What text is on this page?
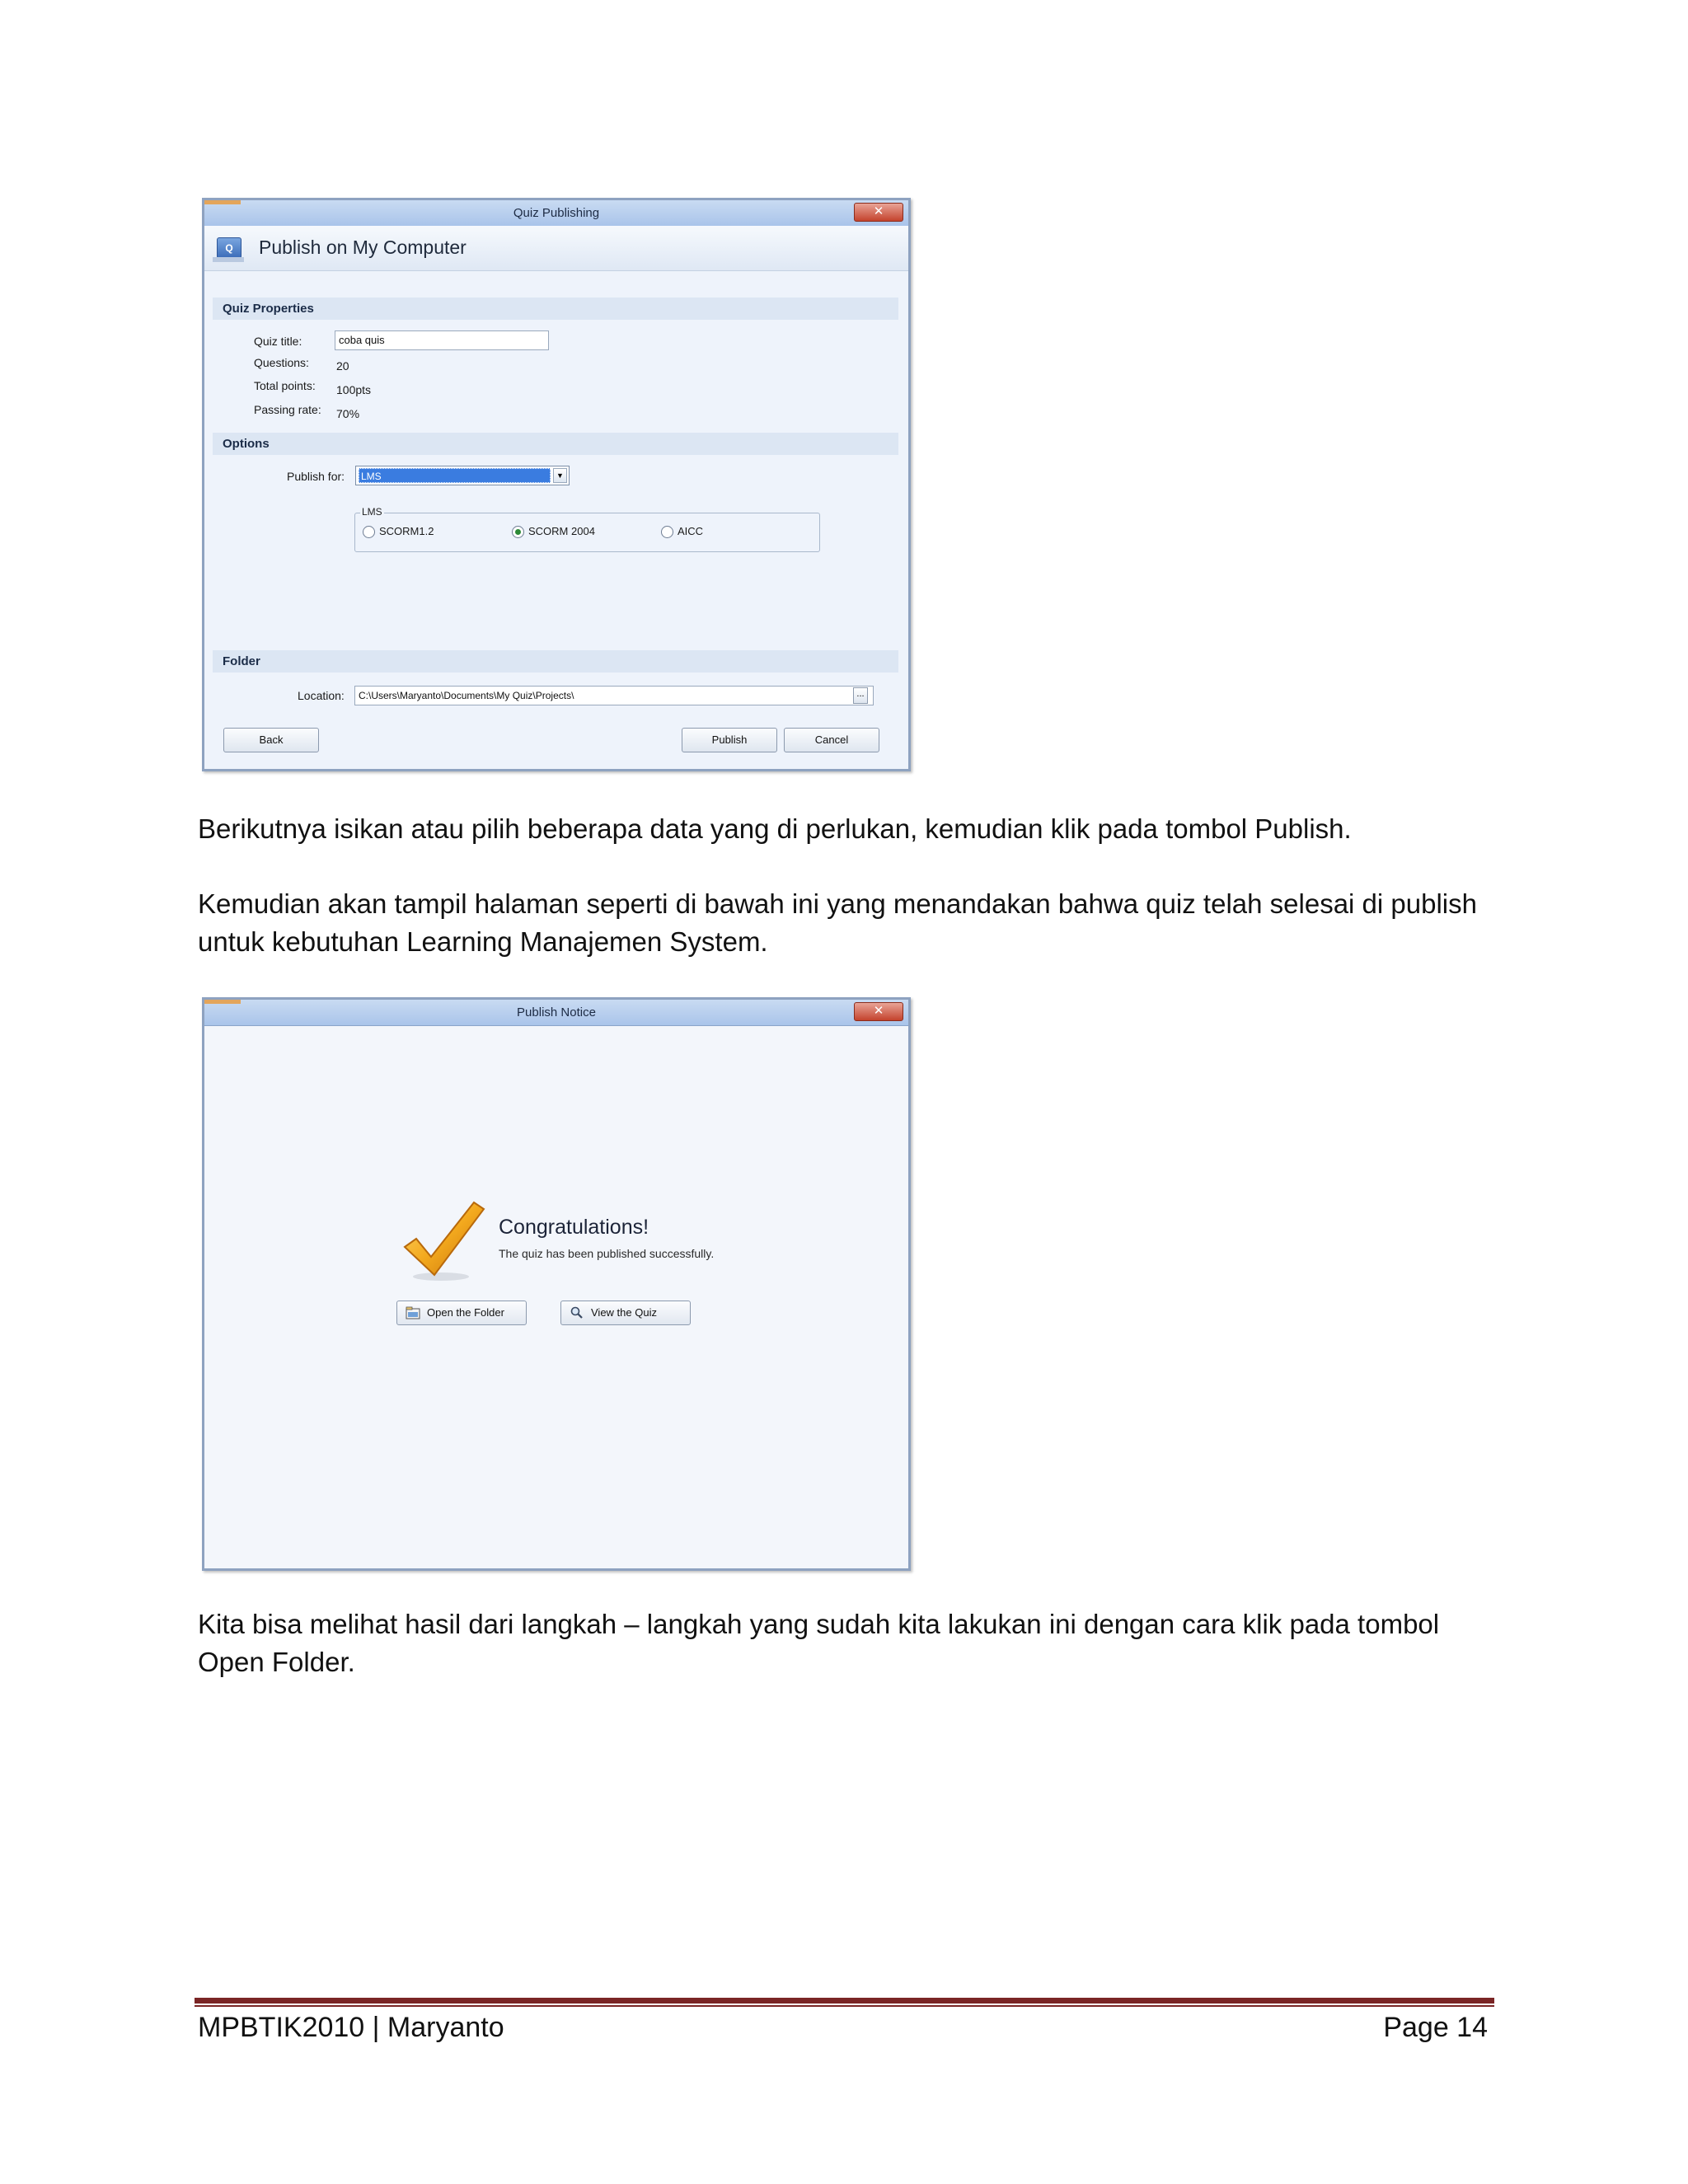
Quiz Publishing	✕
Q	Publish on My Computer
Quiz Properties
Quiz title:	coba quis
Questions: 20
Total points: 100pts
Passing rate: 70%
Options
Publish for: LMS	▼
LMS
SCORM1.2	SCORM 2004	AICC
Folder
Location:	C:\Users\Maryanto\Documents\My Quiz\Projects\	...
Back	Publish	Cancel
Berikutnya isikan atau pilih beberapa data yang di perlukan, kemudian klik pada tombol Publish.
Kemudian akan tampil halaman seperti di bawah ini yang menandakan bahwa quiz telah selesai di publish untuk kebutuhan Learning Manajemen System.
Publish Notice	✕
Congratulations!
The quiz has been published successfully.
Open the Folder	View the Quiz
Kita bisa melihat hasil dari langkah – langkah yang sudah kita lakukan ini dengan cara klik pada tombol Open Folder.
MPBTIK2010 | Maryanto	Page 14
